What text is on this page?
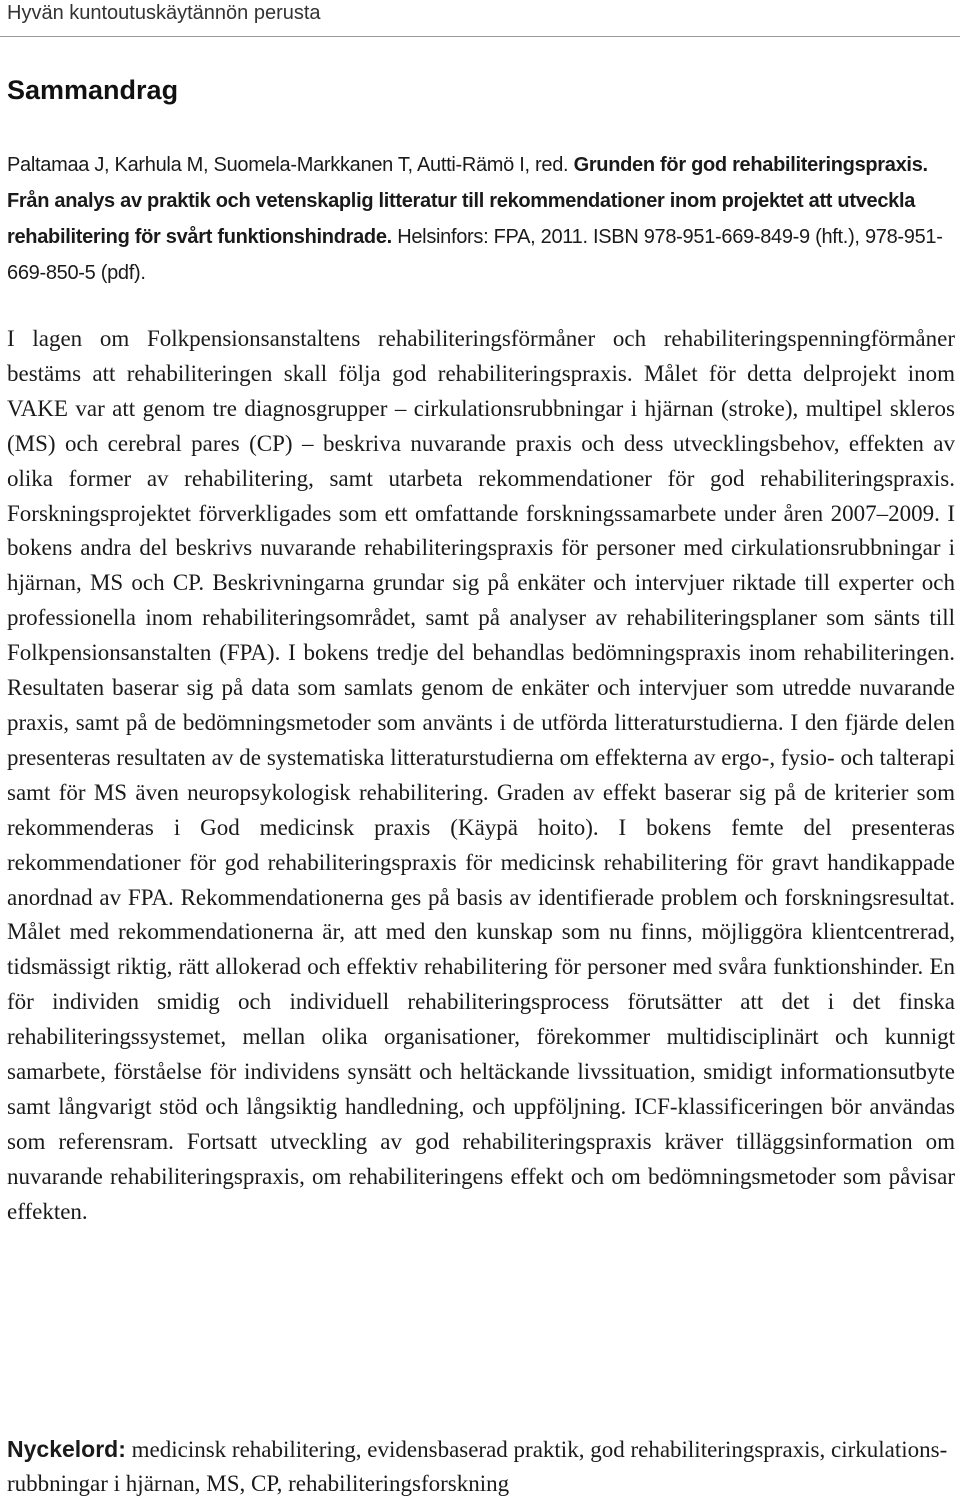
Hyvän kuntoutuskäytännön perusta
Sammandrag

Paltamaa J, Karhula M, Suomela-Markkanen T, Autti-Rämö I, red. Grunden för god rehabiliteringspraxis. Från analys av praktik och vetenskaplig litteratur till rekommendationer inom projektet att utveckla rehabilitering för svårt funktionshindrade. Helsinfors: FPA, 2011. ISBN 978-951-669-849-9 (hft.), 978-951-669-850-5 (pdf).

I lagen om Folkpensionsanstaltens rehabiliteringsförmåner och rehabiliteringspenningförmåner bestäms att rehabiliteringen skall följa god rehabiliteringspraxis. Målet för detta delprojekt inom VAKE var att genom tre diagnosgrupper – cirkulationsrubbningar i hjärnan (stroke), multipel skleros (MS) och cerebral pares (CP) – beskriva nuvarande praxis och dess utvecklingsbehov, effekten av olika former av rehabilitering, samt utarbeta rekommendationer för god rehabiliteringspraxis. Forskningsprojektet förverkligades som ett omfattande forskningssamarbete under åren 2007–2009. I bokens andra del beskrivs nuvarande rehabiliteringspraxis för personer med cirkulationsrubbningar i hjärnan, MS och CP. Beskrivningarna grundar sig på enkäter och intervjuer riktade till experter och professionella inom rehabiliteringsområdet, samt på analyser av rehabiliteringsplaner som sänts till Folkpensionsanstalten (FPA). I bokens tredje del behandlas bedömningspraxis inom rehabiliteringen. Resultaten baserar sig på data som samlats genom de enkäter och intervjuer som utredde nuvarande praxis, samt på de bedömningsmetoder som använts i de utförda litteraturstudierna. I den fjärde delen presenteras resultaten av de systematiska litteraturstudierna om effekterna av ergo-, fysio- och talterapi samt för MS även neuropsykologisk rehabilitering. Graden av effekt baserar sig på de kriterier som rekommenderas i God medicinsk praxis (Käypä hoito). I bokens femte del presenteras rekommendationer för god rehabiliteringspraxis för medicinsk rehabilitering för gravt handikappade anordnad av FPA. Rekommendationerna ges på basis av identifierade problem och forskningsresultat. Målet med rekommendationerna är, att med den kunskap som nu finns, möjliggöra klientcentrerad, tidsmässigt riktig, rätt allokerad och effektiv rehabilitering för personer med svåra funktionshinder. En för individen smidig och individuell rehabiliteringsprocess förutsätter att det i det finska rehabiliteringssystemet, mellan olika organisationer, förekommer multidisciplinärt och kunnigt samarbete, förståelse för individens synsätt och heltäckande livssituation, smidigt informationsutbyte samt långvarigt stöd och långsiktig handledning, och uppföljning. ICF-klassificeringen bör användas som referensram. Fortsatt utveckling av god rehabiliteringspraxis kräver tilläggsinformation om nuvarande rehabiliteringspraxis, om rehabiliteringens effekt och om bedömningsmetoder som påvisar effekten.

Nyckelord: medicinsk rehabilitering, evidensbaserad praktik, god rehabiliteringspraxis, cirkulations-rubbningar i hjärnan, MS, CP, rehabiliteringsforskning
